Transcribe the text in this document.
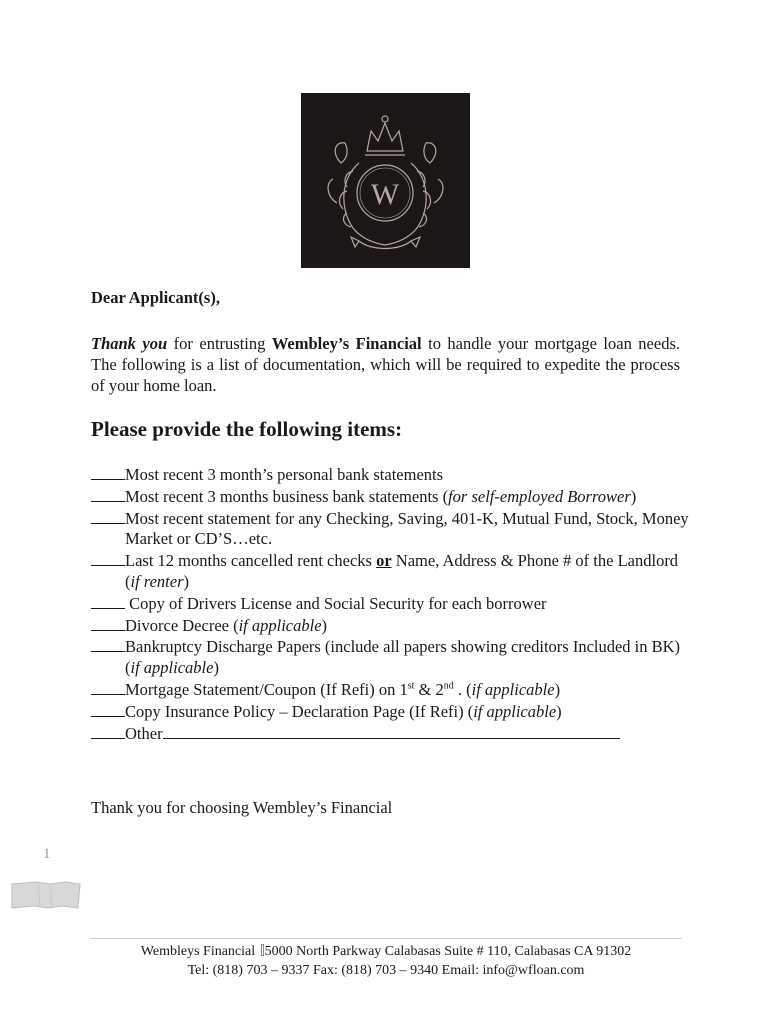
W

Dear Applicant(s),

Thank you for entrusting Wembley’s Financial to handle your mortgage loan needs. The following is a list of documentation, which will be required to expedite the process of your home loan.

Please provide the following items:
Most recent 3 month’s personal bank statements
Most recent 3 months business bank statements (for self-employed Borrower)
Most recent statement for any Checking, Saving, 401-K, Mutual Fund, Stock, Money Market or CD’S…etc.
Last 12 months cancelled rent checks or Name, Address & Phone # of the Landlord (if renter)
Copy of Drivers License and Social Security for each borrower
Divorce Decree (if applicable)
Bankruptcy Discharge Papers (include all papers showing creditors Included in BK) (if applicable)
Mortgage Statement/Coupon (If Refi) on 1st & 2nd . (if applicable)
Copy Insurance Policy – Declaration Page (If Refi) (if applicable)
Other

Thank you for choosing Wembley’s Financial

1

Wembleys Financial 5000 North Parkway Calabasas Suite # 110, Calabasas CA 91302
Tel: (818) 703 – 9337 Fax: (818) 703 – 9340 Email: info@wfloan.com
